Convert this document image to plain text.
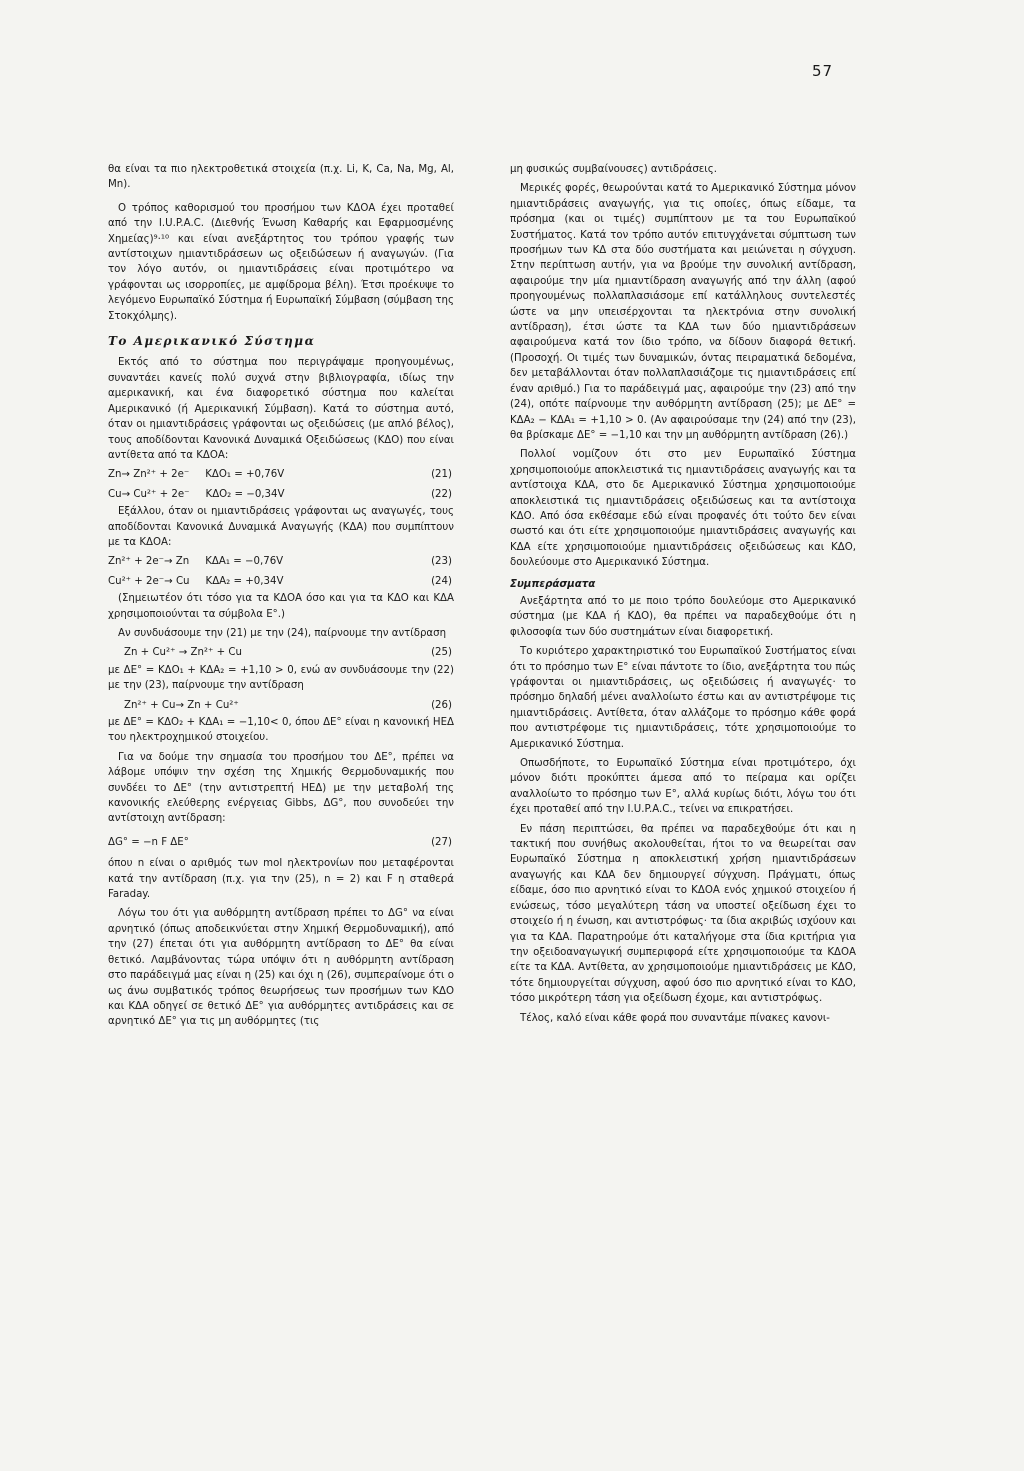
57

θα είναι τα πιο ηλεκτροθετικά στοιχεία (π.χ. Li, K, Ca, Na, Mg, Al, Mn).

Ο τρόπος καθορισμού του προσήμου των ΚΔΟΑ έχει προταθεί από την I.U.P.A.C. (Διεθνής Ένωση Καθαρής και Εφαρμοσμένης Χημείας)⁹·¹⁰ και είναι ανεξάρτητος του τρόπου γραφής των αντίστοιχων ημιαντιδράσεων ως οξειδώσεων ή αναγωγών. (Για τον λόγο αυτόν, οι ημιαντιδράσεις είναι προτιμότερο να γράφονται ως ισορροπίες, με αμφίδρομα βέλη). Έτσι προέκυψε το λεγόμενο Ευρωπαϊκό Σύστημα ή Ευρωπαϊκή Σύμβαση (σύμβαση της Στοκχόλμης).

Το Αμερικανικό Σύστημα

Εκτός από το σύστημα που περιγράψαμε προηγουμένως, συναντάει κανείς πολύ συχνά στην βιβλιογραφία, ιδίως την αμερικανική, και ένα διαφορετικό σύστημα που καλείται Αμερικανικό (ή Αμερικανική Σύμβαση). Κατά το σύστημα αυτό, όταν οι ημιαντιδράσεις γράφονται ως οξειδώσεις (με απλό βέλος), τους αποδίδονται Κανονικά Δυναμικά Οξειδώσεως (ΚΔΟ) που είναι αντίθετα από τα ΚΔΟΑ:

Zn→ Zn²⁺ + 2e⁻	ΚΔΟ₁ = +0,76V	(21)
Cu→ Cu²⁺ + 2e⁻	ΚΔΟ₂ = −0,34V	(22)

Εξάλλου, όταν οι ημιαντιδράσεις γράφονται ως αναγωγές, τους αποδίδονται Κανονικά Δυναμικά Αναγωγής (ΚΔΑ) που συμπίπτουν με τα ΚΔΟΑ:

Zn²⁺ + 2e⁻→ Zn	ΚΔΑ₁ = −0,76V	(23)
Cu²⁺ + 2e⁻→ Cu	ΚΔΑ₂ = +0,34V	(24)

(Σημειωτέον ότι τόσο για τα ΚΔΟΑ όσο και για τα ΚΔΟ και ΚΔΑ χρησιμοποιούνται τα σύμβολα E°.)

Αν συνδυάσουμε την (21) με την (24), παίρνουμε την αντίδραση

Zn + Cu²⁺ → Zn²⁺ + Cu	(25)

με ΔE° = ΚΔΟ₁ + ΚΔΑ₂ = +1,10 > 0, ενώ αν συνδυάσουμε την (22) με την (23), παίρνουμε την αντίδραση

Zn²⁺ + Cu→ Zn + Cu²⁺	(26)

με ΔE° = ΚΔΟ₂ + ΚΔΑ₁ = −1,10< 0, όπου ΔE° είναι η κανονική ΗΕΔ του ηλεκτροχημικού στοιχείου.

Για να δούμε την σημασία του προσήμου του ΔE°, πρέπει να λάβομε υπόψιν την σχέση της Χημικής Θερμοδυναμικής που συνδέει το ΔE° (την αντιστρεπτή ΗΕΔ) με την μεταβολή της κανονικής ελεύθερης ενέργειας Gibbs, ΔG°, που συνοδεύει την αντίστοιχη αντίδραση:

ΔG° = −n F ΔE°	(27)

όπου n είναι ο αριθμός των mol ηλεκτρονίων που μεταφέρονται κατά την αντίδραση (π.χ. για την (25), n = 2) και F η σταθερά Faraday.

Λόγω του ότι για αυθόρμητη αντίδραση πρέπει το ΔG° να είναι αρνητικό (όπως αποδεικνύεται στην Χημική Θερμοδυναμική), από την (27) έπεται ότι για αυθόρμητη αντίδραση το ΔE° θα είναι θετικό. Λαμβάνοντας τώρα υπόψιν ότι η αυθόρμητη αντίδραση στο παράδειγμά μας είναι η (25) και όχι η (26), συμπεραίνομε ότι ο ως άνω συμβατικός τρόπος θεωρήσεως των προσήμων των ΚΔΟ και ΚΔΑ οδηγεί σε θετικό ΔE° για αυθόρμητες αντιδράσεις και σε αρνητικό ΔE° για τις μη αυθόρμητες (τις

μη φυσικώς συμβαίνουσες) αντιδράσεις.

Μερικές φορές, θεωρούνται κατά το Αμερικανικό Σύστημα μόνον ημιαντιδράσεις αναγωγής, για τις οποίες, όπως είδαμε, τα πρόσημα (και οι τιμές) συμπίπτουν με τα του Ευρωπαϊκού Συστήματος. Κατά τον τρόπο αυτόν επιτυγχάνεται σύμπτωση των προσήμων των ΚΔ στα δύο συστήματα και μειώνεται η σύγχυση. Στην περίπτωση αυτήν, για να βρούμε την συνολική αντίδραση, αφαιρούμε την μία ημιαντίδραση αναγωγής από την άλλη (αφού προηγουμένως πολλαπλασιάσομε επί κατάλληλους συντελεστές ώστε να μην υπεισέρχονται τα ηλεκτρόνια στην συνολική αντίδραση), έτσι ώστε τα ΚΔΑ των δύο ημιαντιδράσεων αφαιρούμενα κατά τον ίδιο τρόπο, να δίδουν διαφορά θετική. (Προσοχή. Οι τιμές των δυναμικών, όντας πειραματικά δεδομένα, δεν μεταβάλλονται όταν πολλαπλασιάζομε τις ημιαντιδράσεις επί έναν αριθμό.) Για το παράδειγμά μας, αφαιρούμε την (23) από την (24), οπότε παίρνουμε την αυθόρμητη αντίδραση (25); με ΔE° = ΚΔΑ₂ − ΚΔΑ₁ = +1,10 > 0. (Αν αφαιρούσαμε την (24) από την (23), θα βρίσκαμε ΔE° = −1,10 και την μη αυθόρμητη αντίδραση (26).)

Πολλοί νομίζουν ότι στο μεν Ευρωπαϊκό Σύστημα χρησιμοποιούμε αποκλειστικά τις ημιαντιδράσεις αναγωγής και τα αντίστοιχα ΚΔΑ, στο δε Αμερικανικό Σύστημα χρησιμοποιούμε αποκλειστικά τις ημιαντιδράσεις οξειδώσεως και τα αντίστοιχα ΚΔΟ. Από όσα εκθέσαμε εδώ είναι προφανές ότι τούτο δεν είναι σωστό και ότι είτε χρησιμοποιούμε ημιαντιδράσεις αναγωγής και ΚΔΑ είτε χρησιμοποιούμε ημιαντιδράσεις οξειδώσεως και ΚΔΟ, δουλεύουμε στο Αμερικανικό Σύστημα.

Συμπεράσματα

Ανεξάρτητα από το με ποιο τρόπο δουλεύομε στο Αμερικανικό σύστημα (με ΚΔΑ ή ΚΔΟ), θα πρέπει να παραδεχθούμε ότι η φιλοσοφία των δύο συστημάτων είναι διαφορετική.

Το κυριότερο χαρακτηριστικό του Ευρωπαϊκού Συστήματος είναι ότι το πρόσημο των E° είναι πάντοτε το ίδιο, ανεξάρτητα του πώς γράφονται οι ημιαντιδράσεις, ως οξειδώσεις ή αναγωγές· το πρόσημο δηλαδή μένει αναλλοίωτο έστω και αν αντιστρέψομε τις ημιαντιδράσεις. Αντίθετα, όταν αλλάζομε το πρόσημο κάθε φορά που αντιστρέφομε τις ημιαντιδράσεις, τότε χρησιμοποιούμε το Αμερικανικό Σύστημα.

Οπωσδήποτε, το Ευρωπαϊκό Σύστημα είναι προτιμότερο, όχι μόνον διότι προκύπτει άμεσα από το πείραμα και ορίζει αναλλοίωτο το πρόσημο των E°, αλλά κυρίως διότι, λόγω του ότι έχει προταθεί από την I.U.P.A.C., τείνει να επικρατήσει.

Εν πάση περιπτώσει, θα πρέπει να παραδεχθούμε ότι και η τακτική που συνήθως ακολουθείται, ήτοι το να θεωρείται σαν Ευρωπαϊκό Σύστημα η αποκλειστική χρήση ημιαντιδράσεων αναγωγής και ΚΔΑ δεν δημιουργεί σύγχυση. Πράγματι, όπως είδαμε, όσο πιο αρνητικό είναι το ΚΔΟΑ ενός χημικού στοιχείου ή ενώσεως, τόσο μεγαλύτερη τάση να υποστεί οξείδωση έχει το στοιχείο ή η ένωση, και αντιστρόφως· τα ίδια ακριβώς ισχύουν και για τα ΚΔΑ. Παρατηρούμε ότι καταλήγομε στα ίδια κριτήρια για την οξειδοαναγωγική συμπεριφορά είτε χρησιμοποιούμε τα ΚΔΟΑ είτε τα ΚΔΑ. Αντίθετα, αν χρησιμοποιούμε ημιαντιδράσεις με ΚΔΟ, τότε δημιουργείται σύγχυση, αφού όσο πιο αρνητικό είναι το ΚΔΟ, τόσο μικρότερη τάση για οξείδωση έχομε, και αντιστρόφως.

Τέλος, καλό είναι κάθε φορά που συναντάμε πίνακες κανονι-
